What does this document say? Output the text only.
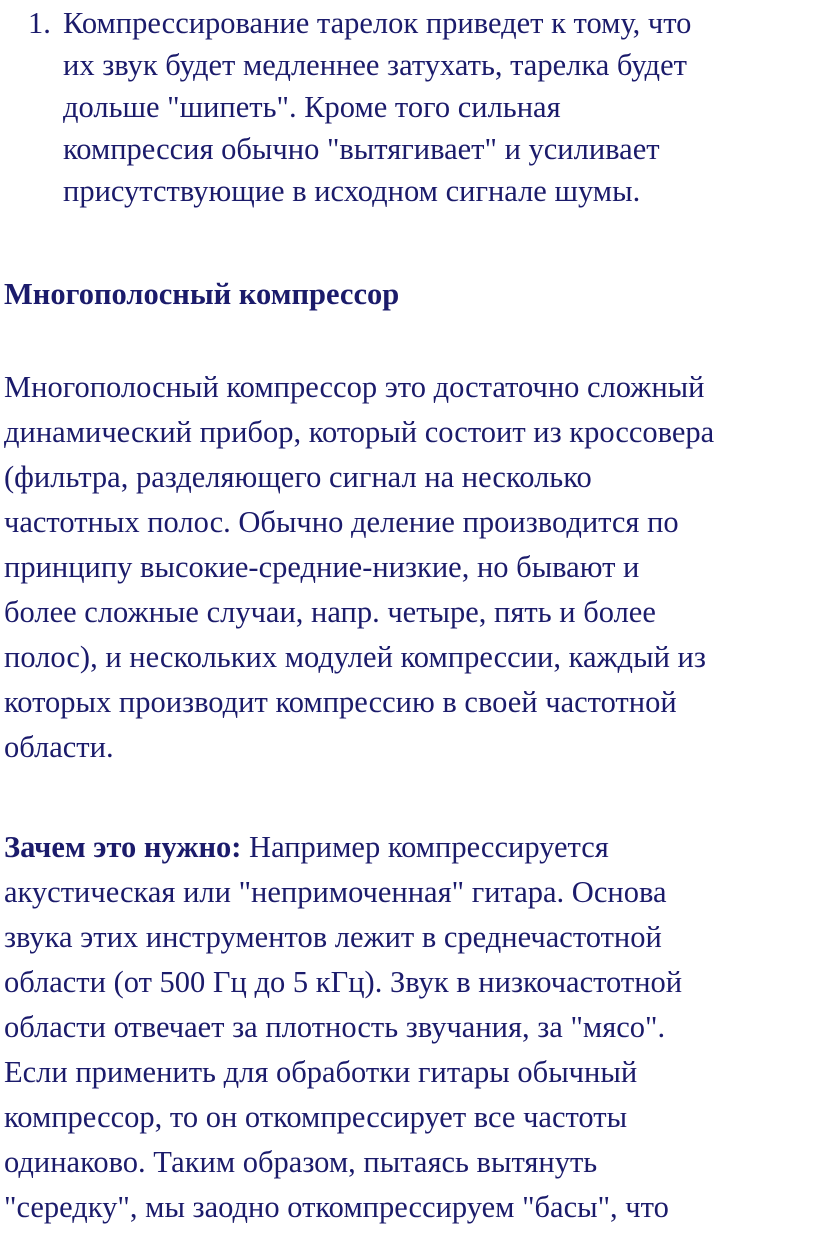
1. Компрессирование тарелок приведет к тому, что
их звук будет медленнее затухать, тарелка будет
дольше "шипеть". Кроме того сильная
компрессия обычно "вытягивает" и усиливает
присутствующие в исходном сигнале шумы.
Многополосный компрессор

Многополосный компрессор это достаточно сложный
динамический прибор, который состоит из кроссовера
(фильтра, разделяющего сигнал на несколько
частотных полос. Обычно деление производится по
принципу высокие-средние-низкие, но бывают и
более сложные случаи, напр. четыре, пять и более
полос), и нескольких модулей компрессии, каждый из
которых производит компрессию в своей частотной
области.

Зачем это нужно: Например компрессируется
акустическая или "непримоченная" гитара. Основа
звука этих инструментов лежит в среднечастотной
области (от 500 Гц до 5 кГц). Звук в низкочастотной
области отвечает за плотность звучания, за "мясо".
Если применить для обработки гитары обычный
компрессор, то он откомпрессирует все частоты
одинаково. Таким образом, пытаясь вытянуть
"середку", мы заодно откомпрессируем "басы", что
